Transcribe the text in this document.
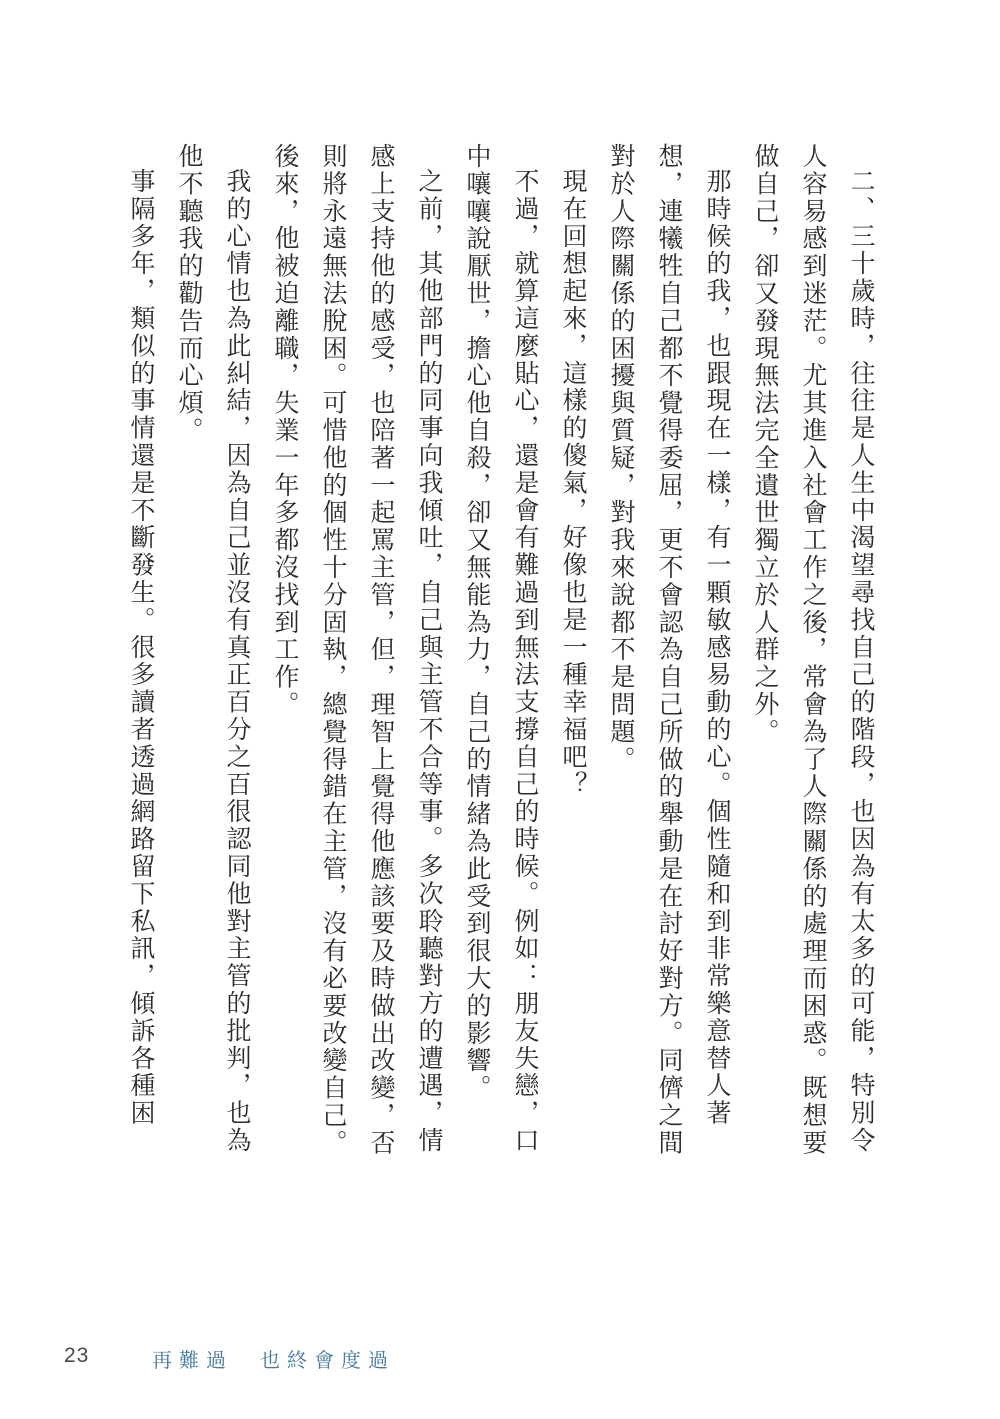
二、三十歲時，往往是人生中渴望尋找自己的階段，也因為有太多的可能，特別令人容易感到迷茫。尤其進入社會工作之後，常會為了人際關係的處理而困惑。既想要做自己，卻又發現無法完全遺世獨立於人群之外。

那時候的我，也跟現在一樣，有一顆敏感易動的心。個性隨和到非常樂意替人著想，連犧牲自己都不覺得委屈，更不會認為自己所做的舉動是在討好對方。同儕之間對於人際關係的困擾與質疑，對我來說都不是問題。

現在回想起來，這樣的傻氣，好像也是一種幸福吧？

不過，就算這麼貼心，還是會有難過到無法支撐自己的時候。例如：朋友失戀，口中嚷嚷說厭世，擔心他自殺，卻又無能為力，自己的情緒為此受到很大的影響。

之前，其他部門的同事向我傾吐，自己與主管不合等事。多次聆聽對方的遭遇，情感上支持他的感受，也陪著一起罵主管，但，理智上覺得他應該要及時做出改變，否則將永遠無法脫困。可惜他的個性十分固執，總覺得錯在主管，沒有必要改變自己。後來，他被迫離職，失業一年多都沒找到工作。

我的心情也為此糾結，因為自己並沒有真正百分之百很認同他對主管的批判，也為他不聽我的勸告而心煩。

事隔多年，類似的事情還是不斷發生。很多讀者透過網路留下私訊，傾訴各種困

23	再難過　也終會度過
